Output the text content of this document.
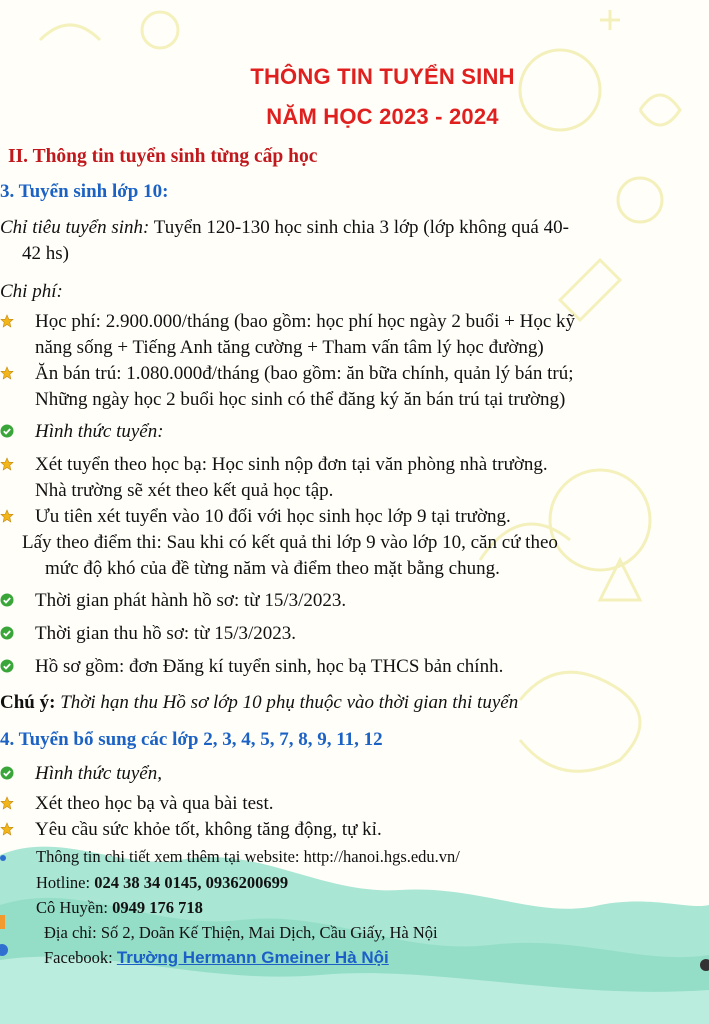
THÔNG TIN TUYỂN SINH
NĂM HỌC 2023 - 2024
II. Thông tin tuyển sinh từng cấp học
3. Tuyển sinh lớp 10:
Chỉ tiêu tuyển sinh: Tuyển 120-130 học sinh chia 3 lớp (lớp không quá 40-
42 hs)
Chi phí:
Học phí: 2.900.000/tháng (bao gồm: học phí học ngày 2 buổi + Học kỹ
năng sống + Tiếng Anh tăng cường + Tham vấn tâm lý học đường)
Ăn bán trú: 1.080.000đ/tháng (bao gồm: ăn bữa chính, quản lý bán trú;
Những ngày học 2 buổi học sinh có thể đăng ký ăn bán trú tại trường)
Hình thức tuyển:
Xét tuyển theo học bạ: Học sinh nộp đơn tại văn phòng nhà trường.
Nhà trường sẽ xét theo kết quả học tập.
Ưu tiên xét tuyển vào 10 đối với học sinh học lớp 9 tại trường.
Lấy theo điểm thi: Sau khi có kết quả thi lớp 9 vào lớp 10, căn cứ theo
mức độ khó của đề từng năm và điểm theo mặt bằng chung.
Thời gian phát hành hồ sơ: từ 15/3/2023.
Thời gian thu hồ sơ: từ 15/3/2023.
Hồ sơ gồm: đơn Đăng kí tuyển sinh, học bạ THCS bản chính.
Chú ý: Thời hạn thu Hồ sơ lớp 10 phụ thuộc vào thời gian thi tuyển
4. Tuyển bổ sung các lớp 2, 3, 4, 5, 7, 8, 9, 11, 12
Hình thức tuyển,
Xét theo học bạ và qua bài test.
Yêu cầu sức khỏe tốt, không tăng động, tự kỉ.
Thông tin chi tiết xem thêm tại website: http://hanoi.hgs.edu.vn/
Hotline: 024 38 34 0145, 0936200699
Cô Huyền: 0949 176 718
Địa chỉ: Số 2, Doãn Kế Thiện, Mai Dịch, Cầu Giấy, Hà Nội
Facebook: Trường Hermann Gmeiner Hà Nội
